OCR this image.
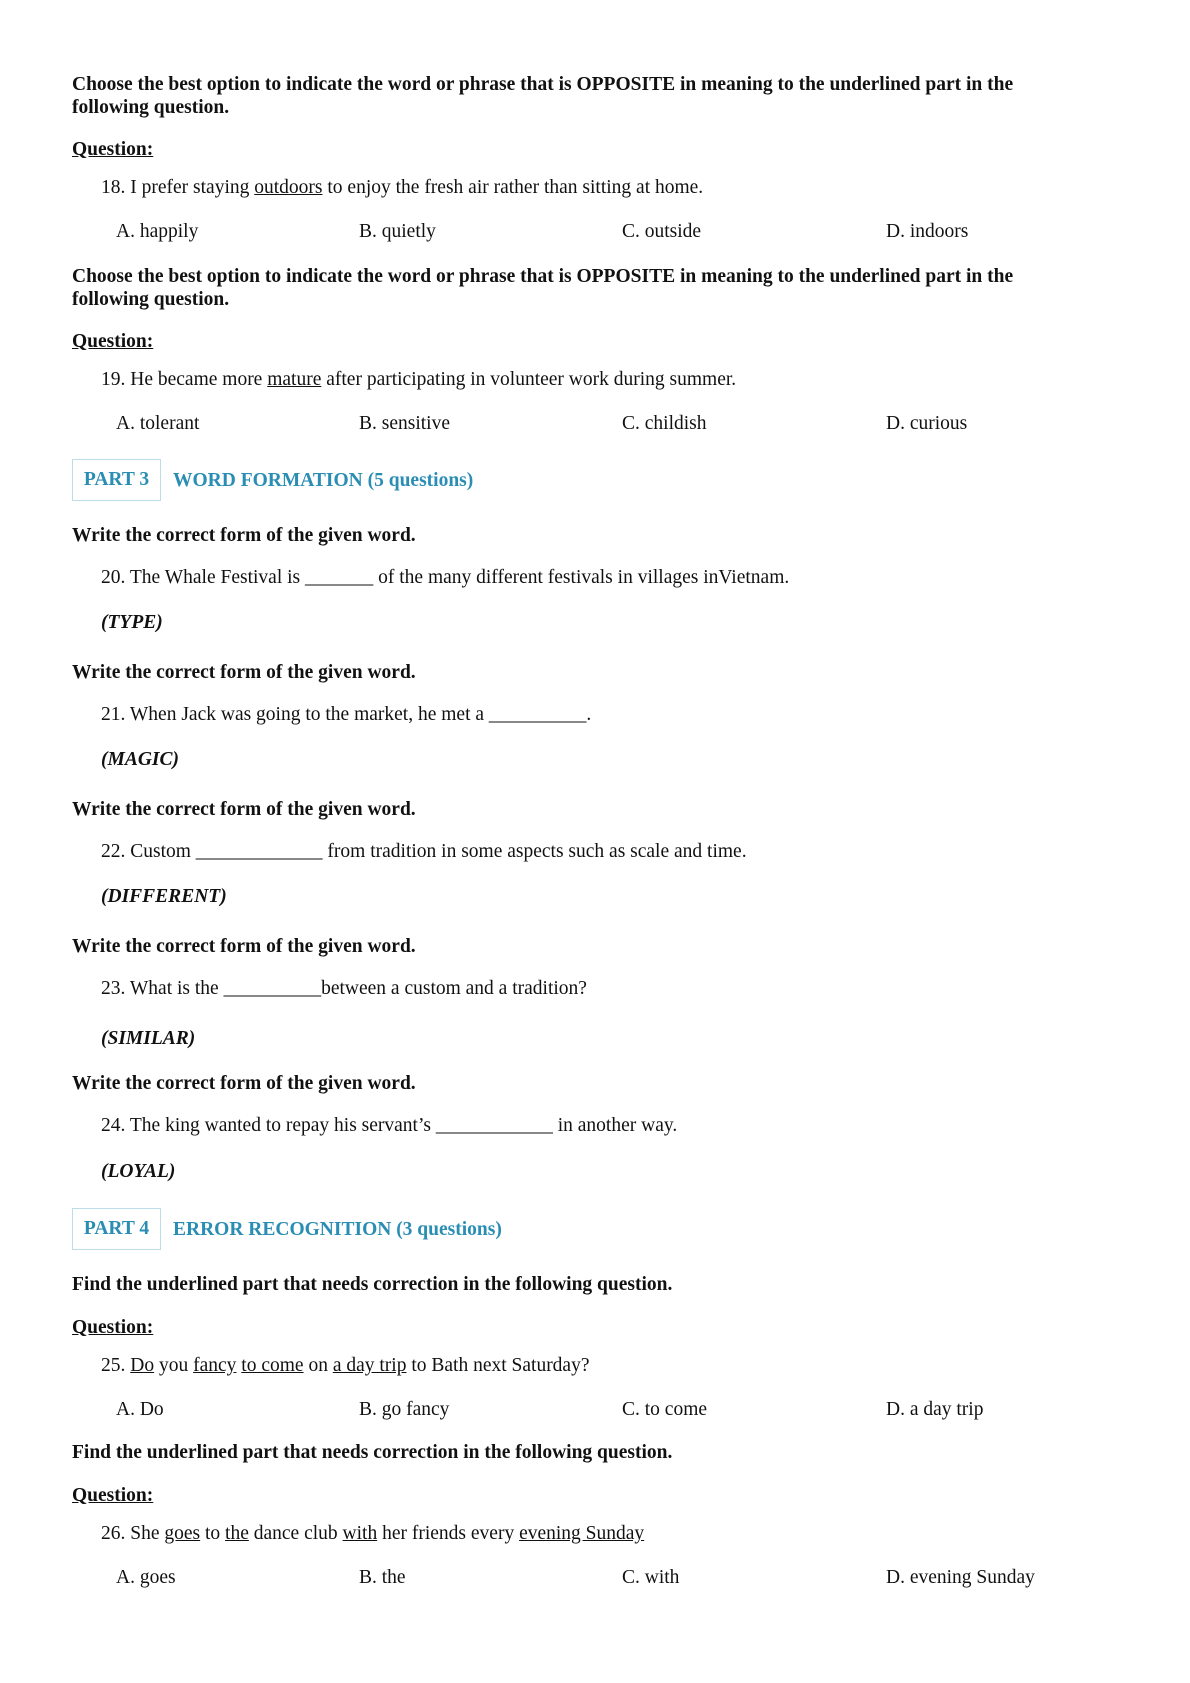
Choose the best option to indicate the word or phrase that is OPPOSITE in meaning to the underlined part in the following question.
Question:
18. I prefer staying outdoors to enjoy the fresh air rather than sitting at home.
A. happily	B. quietly	C. outside	D. indoors
Choose the best option to indicate the word or phrase that is OPPOSITE in meaning to the underlined part in the following question.
Question:
19. He became more mature after participating in volunteer work during summer.
A. tolerant	B. sensitive	C. childish	D. curious
PART 3	WORD FORMATION (5 questions)
Write the correct form of the given word.
20. The Whale Festival is _______ of the many different festivals in villages inVietnam.
(TYPE)
Write the correct form of the given word.
21. When Jack was going to the market, he met a __________.
(MAGIC)
Write the correct form of the given word.
22. Custom _____________ from tradition in some aspects such as scale and time.
(DIFFERENT)
Write the correct form of the given word.
23. What is the __________between a custom and a tradition?
(SIMILAR)
Write the correct form of the given word.
24. The king wanted to repay his servant’s ____________ in another way.
(LOYAL)
PART 4	ERROR RECOGNITION (3 questions)
Find the underlined part that needs correction in the following question.
Question:
25. Do you fancy to come on a day trip to Bath next Saturday?
A. Do	B. go fancy	C. to come	D. a day trip
Find the underlined part that needs correction in the following question.
Question:
26. She goes to the dance club with her friends every evening Sunday
A. goes	B. the	C. with	D. evening Sunday
